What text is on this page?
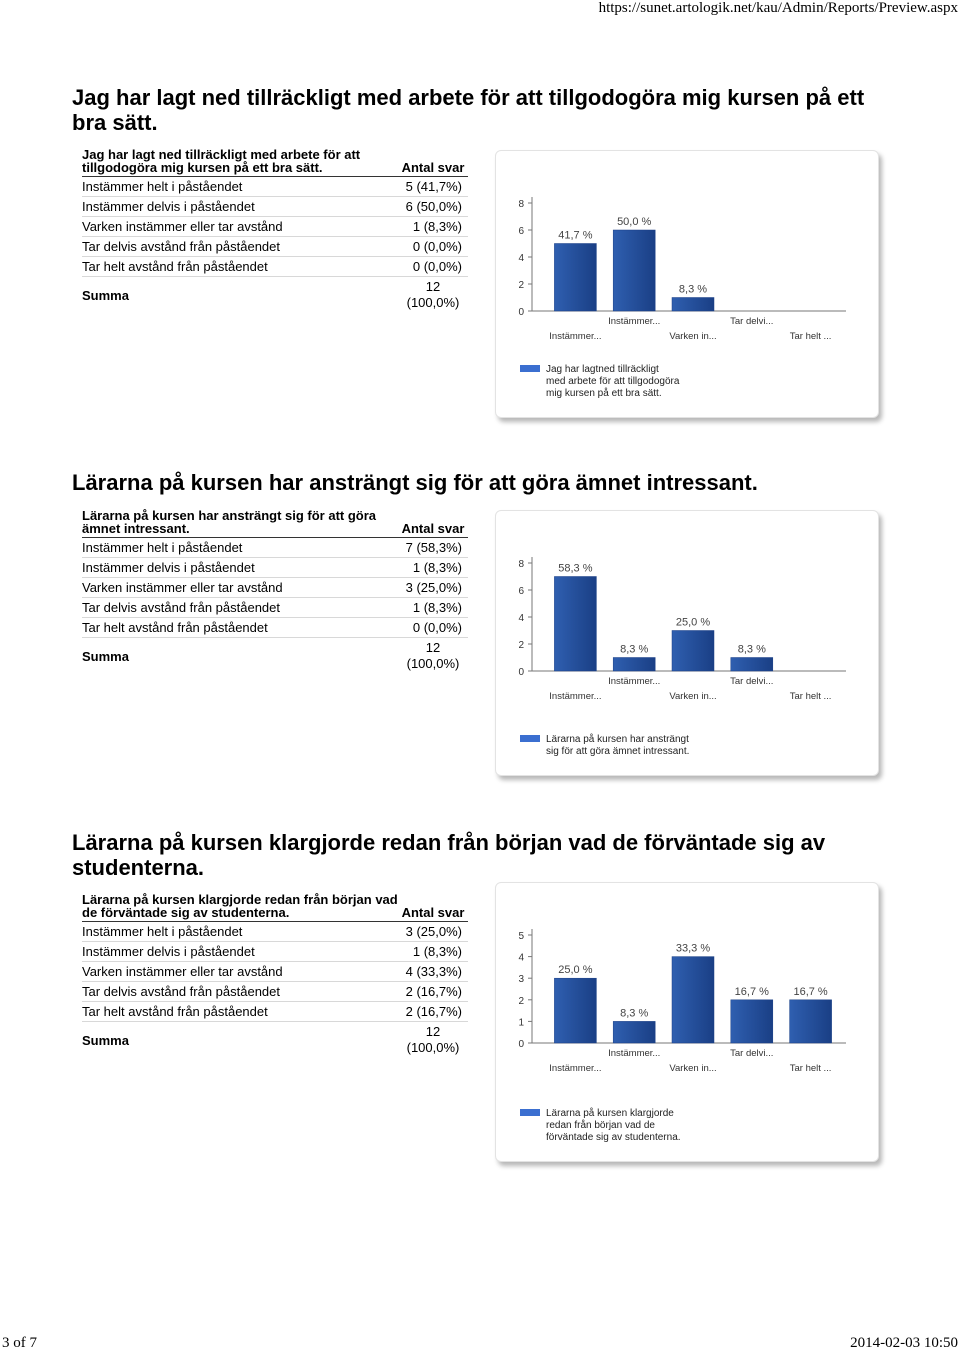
https://sunet.artologik.net/kau/Admin/Reports/Preview.aspx
Jag har lagt ned tillräckligt med arbete för att tillgodogöra mig kursen på ett bra sätt.
Jag har lagt ned tillräckligt med arbete för att tillgodogöra mig kursen på ett bra sätt.	Antal svar
Instämmer helt i påståendet	5 (41,7%)
Instämmer delvis i påståendet	6 (50,0%)
Varken instämmer eller tar avstånd	1 (8,3%)
Tar delvis avstånd från påståendet	0 (0,0%)
Tar helt avstånd från påståendet	0 (0,0%)
Summa	12
(100,0%)
0
2
4
6
8
41,7 %
Instämmer...
50,0 %
Instämmer...
8,3 %
Varken in...
Tar delvi...
Tar helt ...
Jag har lagtned tillräckligt
med arbete för att tillgodogöra
mig kursen på ett bra sätt.
Lärarna på kursen har ansträngt sig för att göra ämnet intressant.
Lärarna på kursen har ansträngt sig för att göra ämnet intressant.	Antal svar
Instämmer helt i påståendet	7 (58,3%)
Instämmer delvis i påståendet	1 (8,3%)
Varken instämmer eller tar avstånd	3 (25,0%)
Tar delvis avstånd från påståendet	1 (8,3%)
Tar helt avstånd från påståendet	0 (0,0%)
Summa	12
(100,0%)
0
2
4
6
8	58,3 %
Instämmer...
8,3 %
Instämmer...
25,0 %
Varken in...
8,3 %
Tar delvi...
Tar helt ...
Lärarna på kursen har ansträngt
sig för att göra ämnet intressant.
Lärarna på kursen klargjorde redan från början vad de förväntade sig av studenterna.
Lärarna på kursen klargjorde redan från början vad de förväntade sig av studenterna.	Antal svar
Instämmer helt i påståendet	3 (25,0%)
Instämmer delvis i påståendet	1 (8,3%)
Varken instämmer eller tar avstånd	4 (33,3%)
Tar delvis avstånd från påståendet	2 (16,7%)
Tar helt avstånd från påståendet	2 (16,7%)
Summa	12
(100,0%)	0
1
2
3
4
5
25,0 %
Instämmer...
8,3 %
Instämmer...
33,3 %
Varken in...
16,7 %
Tar delvi...
16,7 %
Tar helt ...
Lärarna på kursen klargjorde
redan från början vad de
förväntade sig av studenterna.
3 of 7	2014-02-03 10:50
